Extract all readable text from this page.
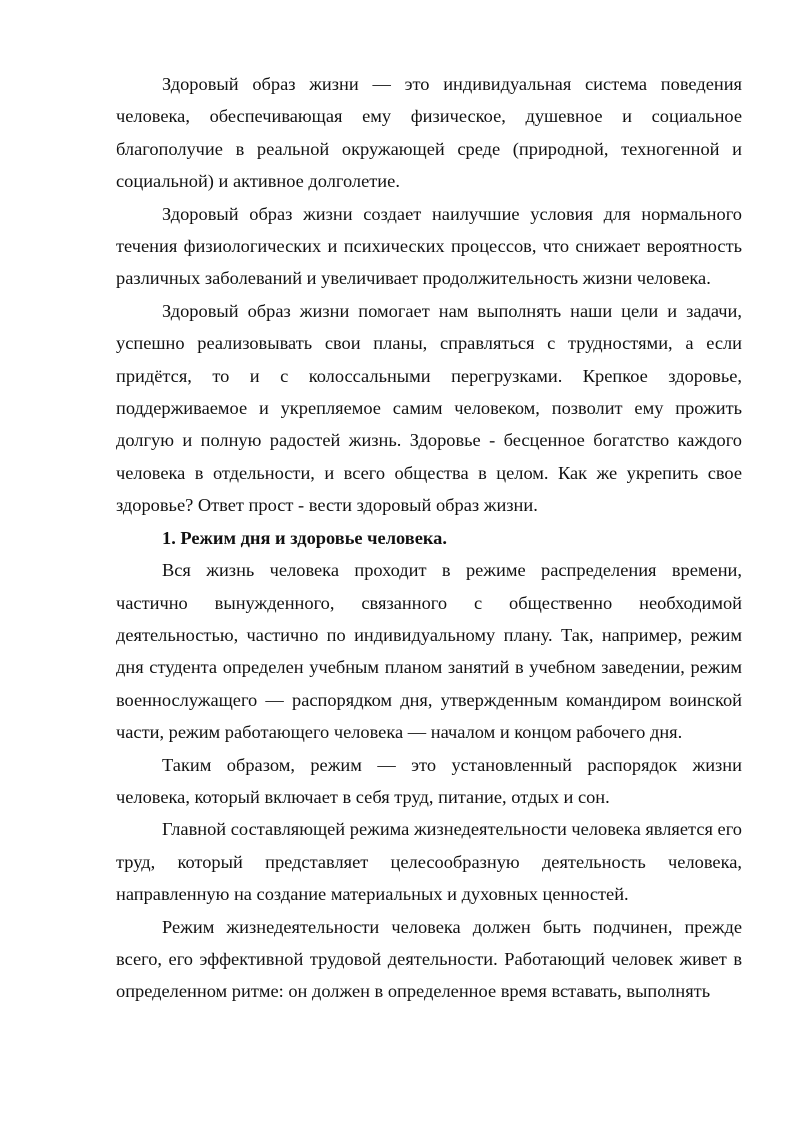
Здоровый образ жизни — это индивидуальная система поведения человека, обеспечивающая ему физическое, душевное и социальное благополучие в реальной окружающей среде (природной, техногенной и социальной) и активное долголетие.

Здоровый образ жизни создает наилучшие условия для нормального течения физиологических и психических процессов, что снижает вероятность различных заболеваний и увеличивает продолжительность жизни человека.

Здоровый образ жизни помогает нам выполнять наши цели и задачи, успешно реализовывать свои планы, справляться с трудностями, а если придётся, то и с колоссальными перегрузками. Крепкое здоровье, поддерживаемое и укрепляемое самим человеком, позволит ему прожить долгую и полную радостей жизнь. Здоровье - бесценное богатство каждого человека в отдельности, и всего общества в целом. Как же укрепить свое здоровье? Ответ прост - вести здоровый образ жизни.

1. Режим дня и здоровье человека.

Вся жизнь человека проходит в режиме распределения времени, частично вынужденного, связанного с общественно необходимой деятельностью, частично по индивидуальному плану. Так, например, режим дня студента определен учебным планом занятий в учебном заведении, режим военнослужащего — распорядком дня, утвержденным командиром воинской части, режим работающего человека — началом и концом рабочего дня.

Таким образом, режим — это установленный распорядок жизни человека, который включает в себя труд, питание, отдых и сон.

Главной составляющей режима жизнедеятельности человека является его труд, который представляет целесообразную деятельность человека, направленную на создание материальных и духовных ценностей.

Режим жизнедеятельности человека должен быть подчинен, прежде всего, его эффективной трудовой деятельности. Работающий человек живет в определенном ритме: он должен в определенное время вставать, выполнять
